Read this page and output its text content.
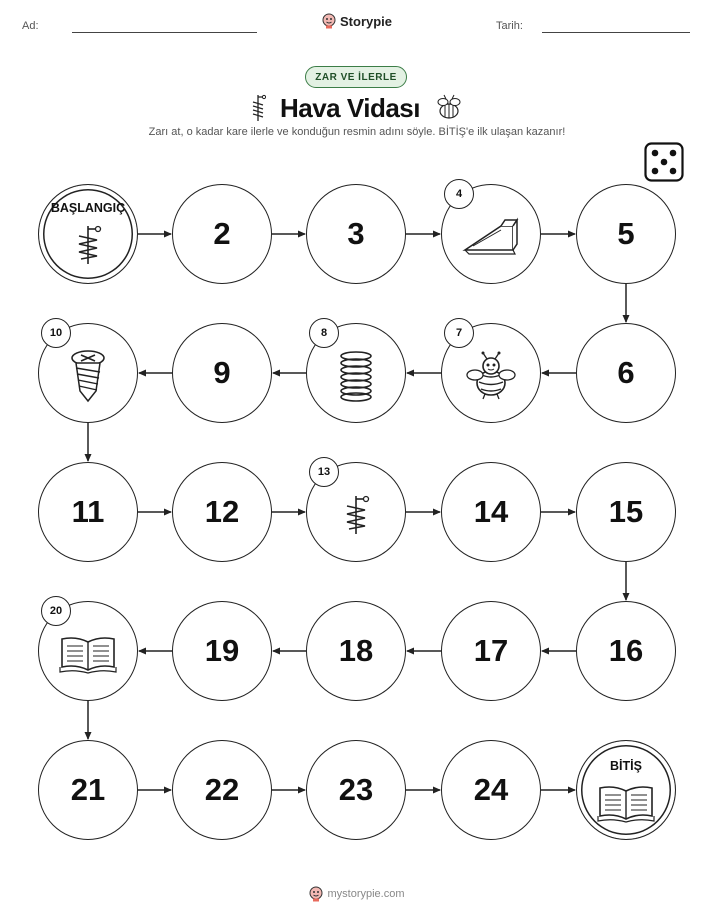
Ad:	Storypie	Tarih:
ZAR VE İLERLE
Hava Vidası
Zarı at, o kadar kare ilerle ve konduğun resmin adını söyle. BİTİŞ'e ilk ulaşan kazanır!
BAŞLANGIÇ
2	3
4
5
6
7
8
9
10
11	12
13
14	15
16
17
18
19
20
21	22	23	24
BİTİŞ
mystorypie.com
